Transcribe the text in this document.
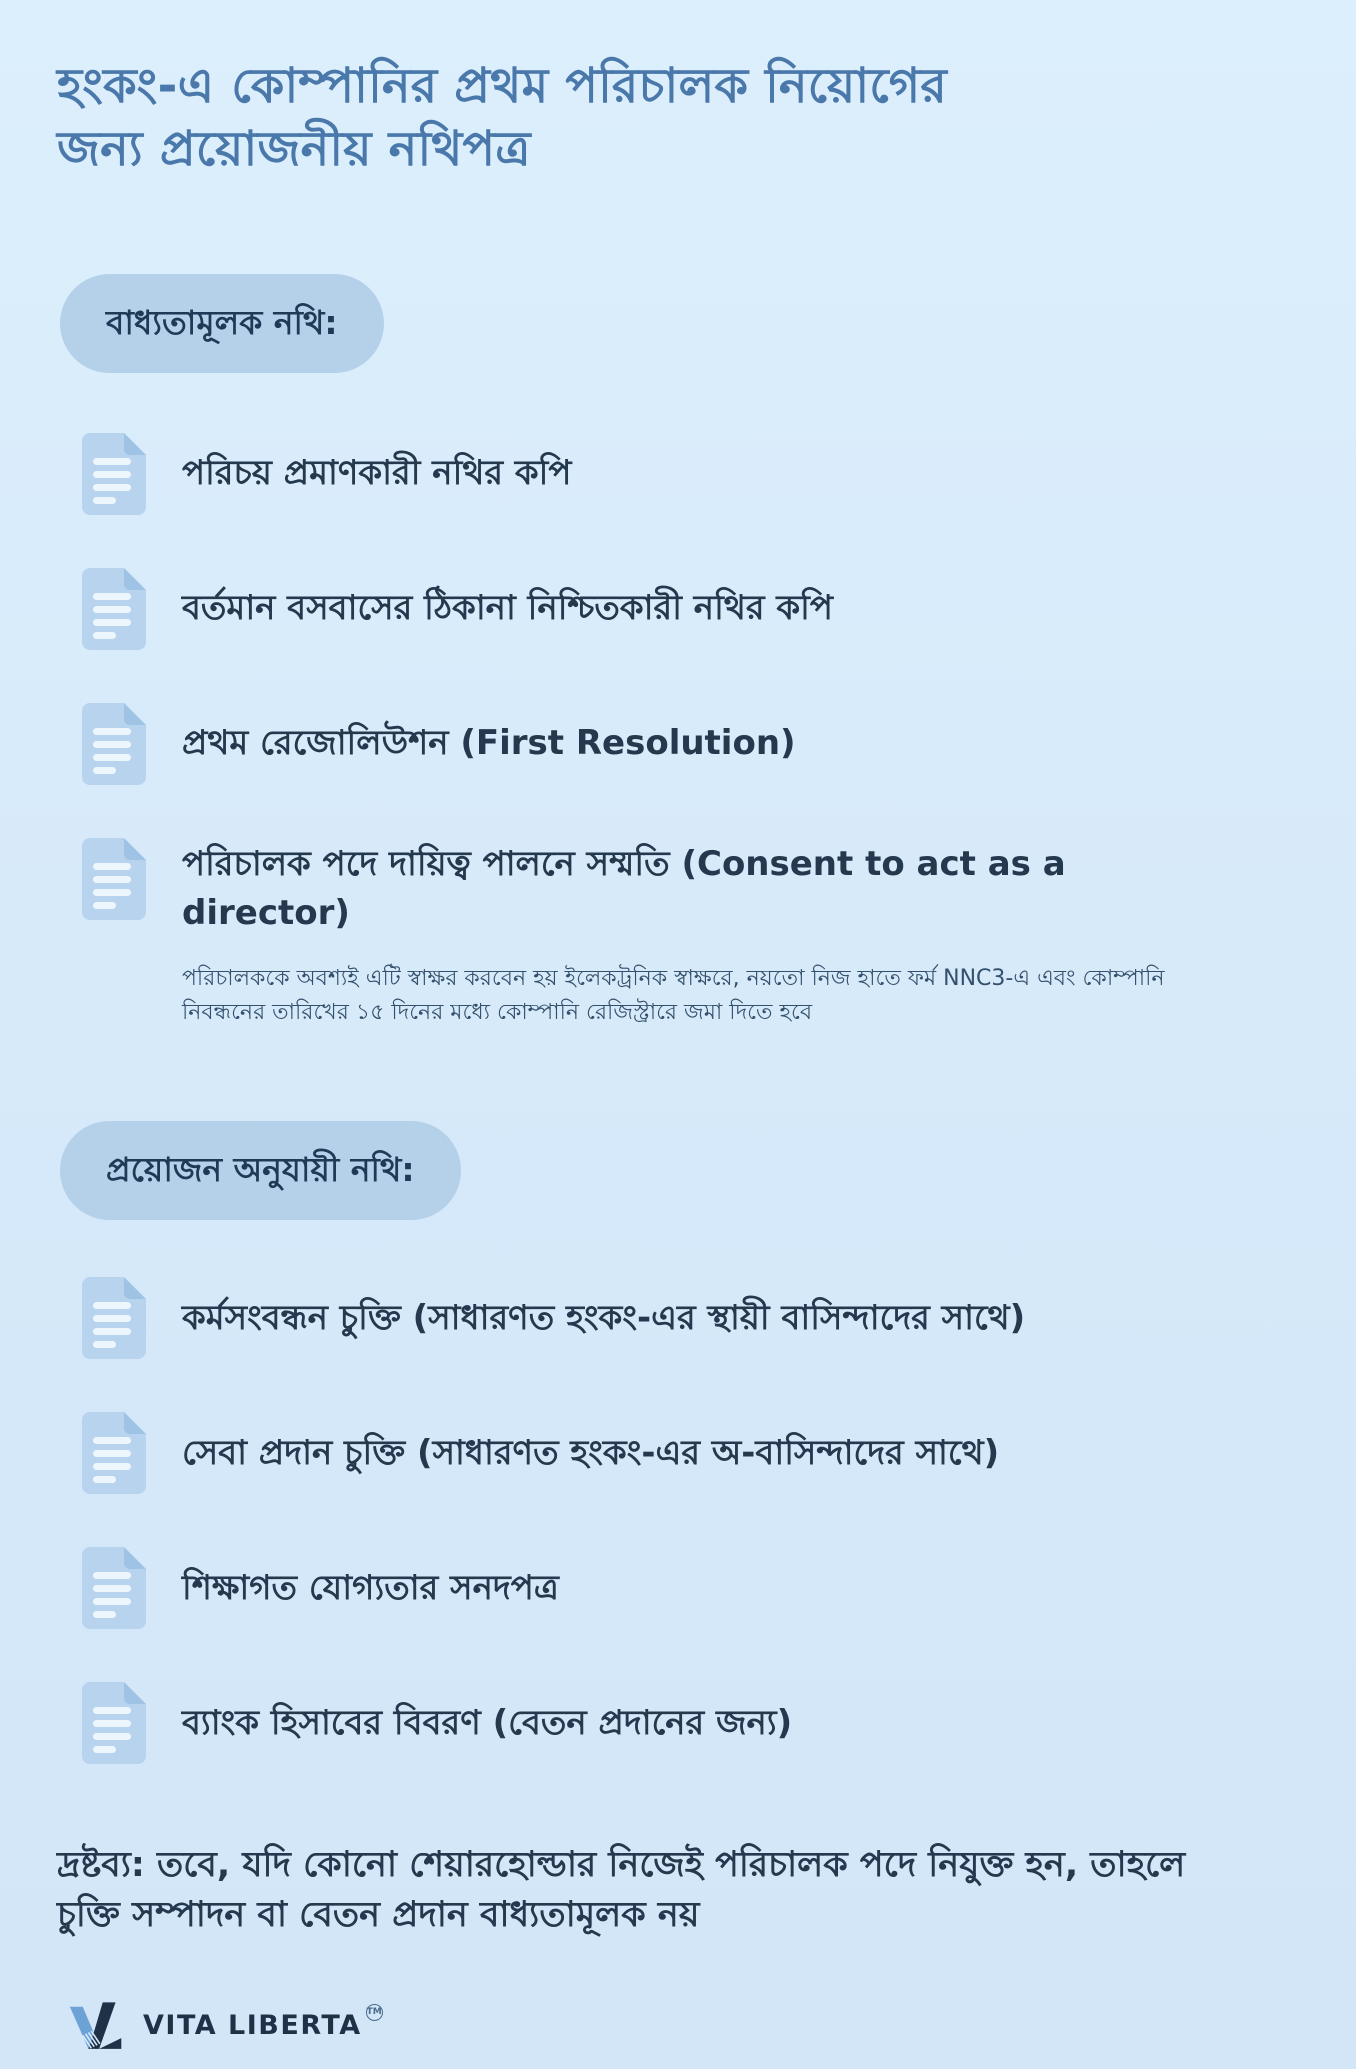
হংকং-এ কোম্পানির প্রথম পরিচালক নিয়োগের জন্য প্রয়োজনীয় নথিপত্র
বাধ্যতামূলক নথি:
পরিচয় প্রমাণকারী নথির কপি
বর্তমান বসবাসের ঠিকানা নিশ্চিতকারী নথির কপি
প্রথম রেজোলিউশন (First Resolution)
পরিচালক পদে দায়িত্ব পালনে সম্মতি (Consent to act as a director)
পরিচালককে অবশ্যই এটি স্বাক্ষর করবেন হয় ইলেকট্রনিক স্বাক্ষরে, নয়তো নিজ হাতে ফর্ম NNC3-এ এবং কোম্পানি নিবন্ধনের তারিখের ১৫ দিনের মধ্যে কোম্পানি রেজিস্ট্রারে জমা দিতে হবে
প্রয়োজন অনুযায়ী নথি:
কর্মসংবন্ধন চুক্তি (সাধারণত হংকং-এর স্থায়ী বাসিন্দাদের সাথে)
সেবা প্রদান চুক্তি (সাধারণত হংকং-এর অ-বাসিন্দাদের সাথে)
শিক্ষাগত যোগ্যতার সনদপত্র
ব্যাংক হিসাবের বিবরণ (বেতন প্রদানের জন্য)
দ্রষ্টব্য: তবে, যদি কোনো শেয়ারহোল্ডার নিজেই পরিচালক পদে নিযুক্ত হন, তাহলে চুক্তি সম্পাদন বা বেতন প্রদান বাধ্যতামূলক নয়
VITA LIBERTA TM
